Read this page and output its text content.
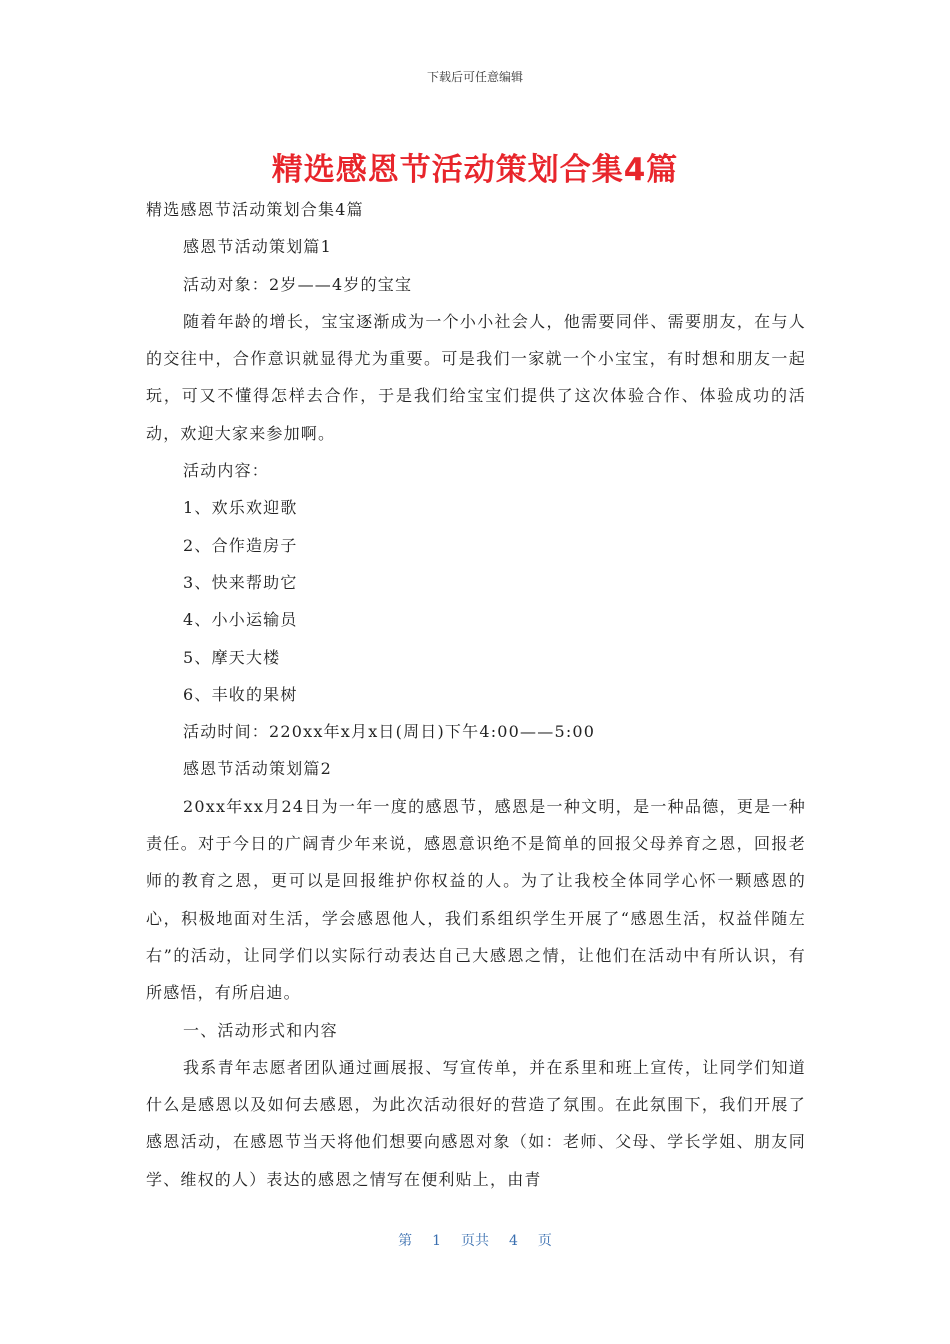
下载后可任意编辑
精选感恩节活动策划合集4篇
精选感恩节活动策划合集4篇
感恩节活动策划篇1
活动对象：2岁——4岁的宝宝

随着年龄的增长，宝宝逐渐成为一个小小社会人，他需要同伴、需要朋友，在与人的交往中，合作意识就显得尤为重要。可是我们一家就一个小宝宝，有时想和朋友一起玩，可又不懂得怎样去合作，于是我们给宝宝们提供了这次体验合作、体验成功的活动，欢迎大家来参加啊。

活动内容：
1、欢乐欢迎歌
2、合作造房子
3、快来帮助它
4、小小运输员
5、摩天大楼
6、丰收的果树
活动时间：220xx年x月x日(周日)下午4:00——5:00
感恩节活动策划篇2

20xx年xx月24日为一年一度的感恩节，感恩是一种文明，是一种品德，更是一种责任。对于今日的广阔青少年来说，感恩意识绝不是简单的回报父母养育之恩，回报老师的教育之恩，更可以是回报维护你权益的人。为了让我校全体同学心怀一颗感恩的心，积极地面对生活，学会感恩他人，我们系组织学生开展了“感恩生活，权益伴随左右”的活动，让同学们以实际行动表达自己大感恩之情，让他们在活动中有所认识，有所感悟，有所启迪。

一、活动形式和内容

我系青年志愿者团队通过画展报、写宣传单，并在系里和班上宣传，让同学们知道什么是感恩以及如何去感恩，为此次活动很好的营造了氛围。在此氛围下，我们开展了感恩活动，在感恩节当天将他们想要向感恩对象（如：老师、父母、学长学姐、朋友同学、维权的人）表达的感恩之情写在便利贴上，由青

第 1 页共 4 页
